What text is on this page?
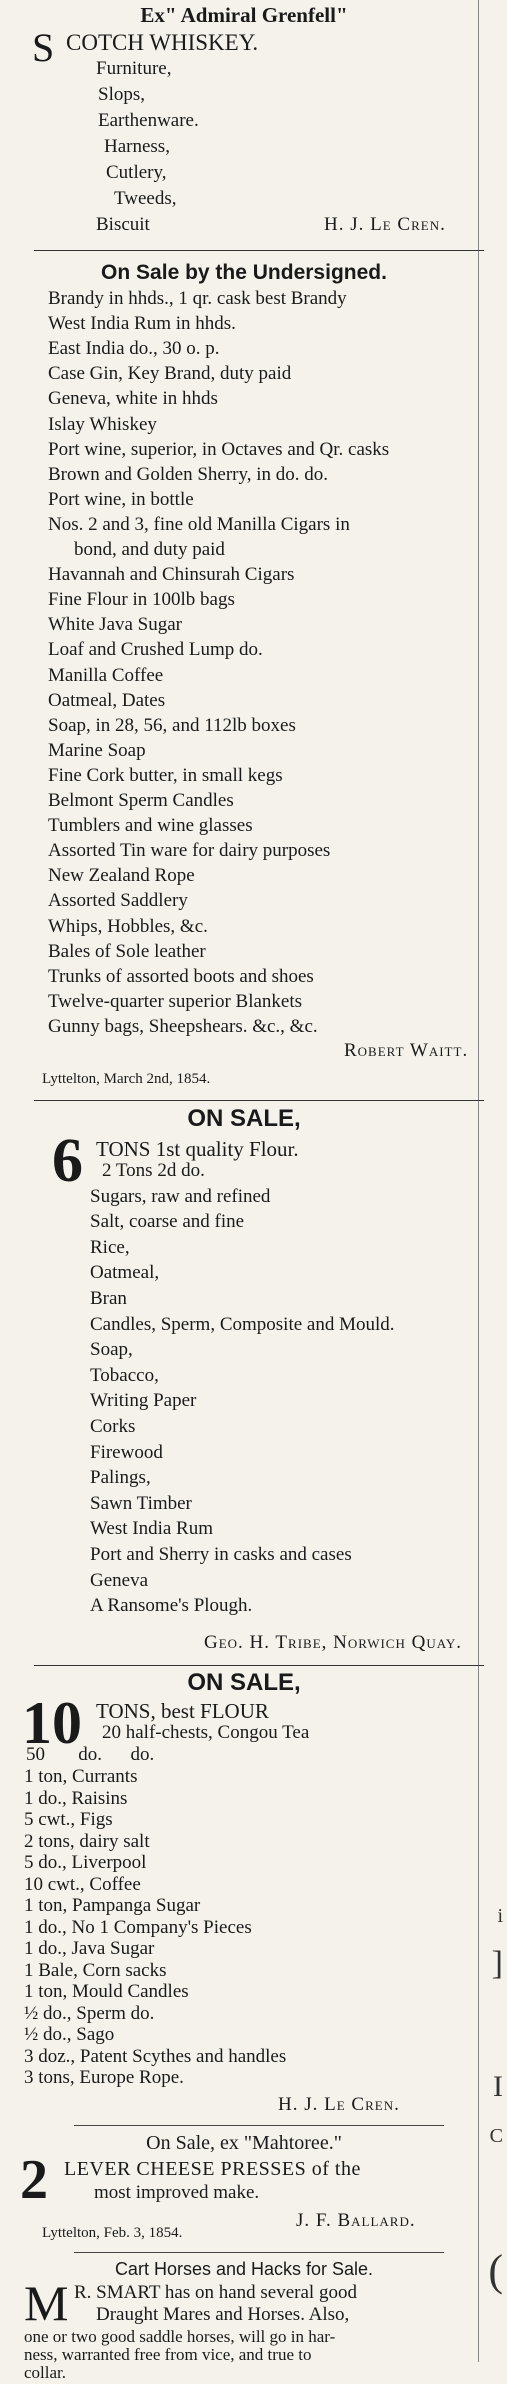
i
]
I
C
(
Ex" Admiral Grenfell"
S COTCH WHISKEY.
Furniture,
Slops,
Earthenware.
Harness,
Cutlery,
Tweeds,
Biscuit	H. J. Le Cren.
On Sale by the Undersigned.
Brandy in hhds., 1 qr. cask best Brandy
West India Rum in hhds.
East India do., 30 o. p.
Case Gin, Key Brand, duty paid
Geneva, white in hhds
Islay Whiskey
Port wine, superior, in Octaves and Qr. casks
Brown and Golden Sherry, in do. do.
Port wine, in bottle
Nos. 2 and 3, fine old Manilla Cigars in
bond, and duty paid
Havannah and Chinsurah Cigars
Fine Flour in 100lb bags
White Java Sugar
Loaf and Crushed Lump do.
Manilla Coffee
Oatmeal, Dates
Soap, in 28, 56, and 112lb boxes
Marine Soap
Fine Cork butter, in small kegs
Belmont Sperm Candles
Tumblers and wine glasses
Assorted Tin ware for dairy purposes
New Zealand Rope
Assorted Saddlery
Whips, Hobbles, &c.
Bales of Sole leather
Trunks of assorted boots and shoes
Twelve-quarter superior Blankets
Gunny bags, Sheepshears. &c., &c.
Robert Waitt.
Lyttelton, March 2nd, 1854.
ON SALE,
6 TONS 1st quality Flour.
2 Tons 2d do.
Sugars, raw and refined
Salt, coarse and fine
Rice,
Oatmeal,
Bran
Candles, Sperm, Composite and Mould.
Soap,
Tobacco,
Writing Paper
Corks
Firewood
Palings,
Sawn Timber
West India Rum
Port and Sherry in casks and cases
Geneva
A Ransome's Plough.
Geo. H. Tribe, Norwich Quay.
ON SALE,
10 TONS, best FLOUR
20 half-chests, Congou Tea
50       do.      do.
1 ton, Currants
1 do., Raisins
5 cwt., Figs
2 tons, dairy salt
5 do., Liverpool
10 cwt., Coffee
1 ton, Pampanga Sugar
1 do., No 1 Company's Pieces
1 do., Java Sugar
1 Bale, Corn sacks
1 ton, Mould Candles
½ do., Sperm do.
½ do., Sago
3 doz., Patent Scythes and handles
3 tons, Europe Rope.
H. J. Le Cren.
On Sale, ex "Mahtoree."
2 LEVER CHEESE PRESSES of the
most improved make.
J. F. Ballard.
Lyttelton, Feb. 3, 1854.
Cart Horses and Hacks for Sale.
M R. SMART has on hand several good
Draught Mares and Horses. Also,
one or two good saddle horses, will go in har-
ness, warranted free from vice, and true to
collar.
